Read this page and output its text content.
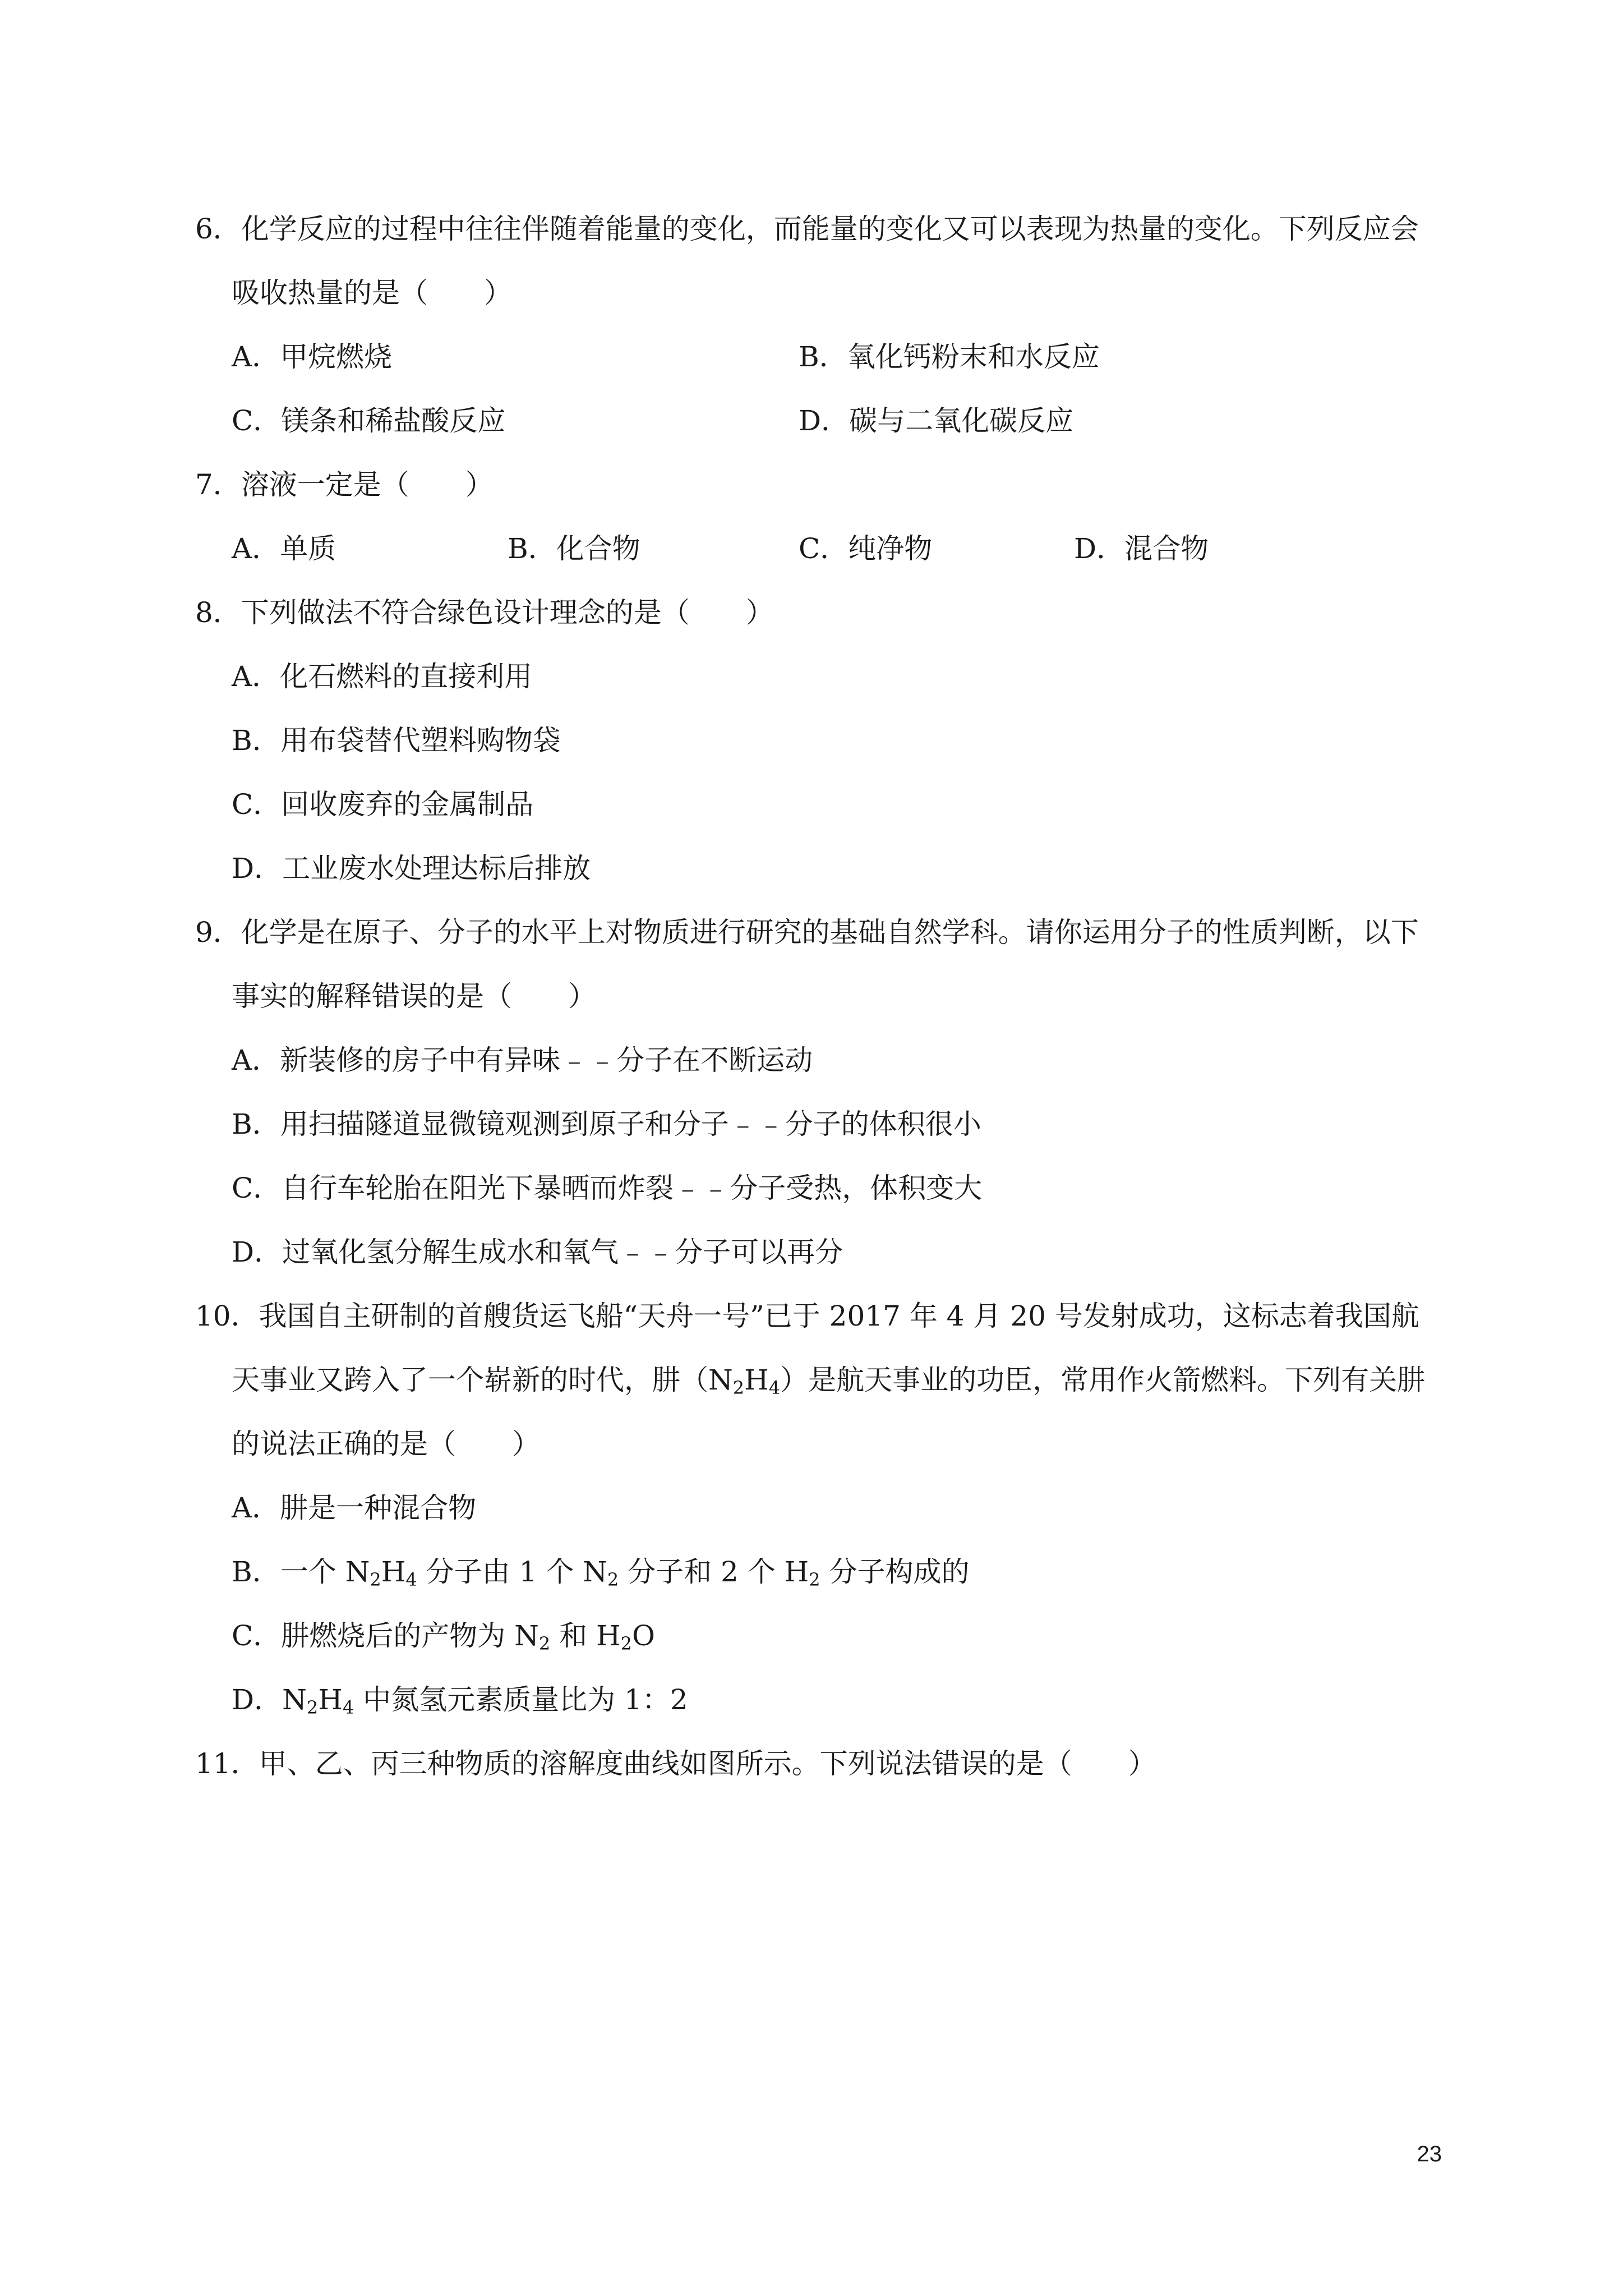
6．化学反应的过程中往往伴随着能量的变化，而能量的变化又可以表现为热量的变化。下列反应会
吸收热量的是（　　）
A．甲烷燃烧	B．氧化钙粉末和水反应
C．镁条和稀盐酸反应	D．碳与二氧化碳反应
7．溶液一定是（　　）
A．单质	B．化合物	C．纯净物	D．混合物
8．下列做法不符合绿色设计理念的是（　　）
A．化石燃料的直接利用
B．用布袋替代塑料购物袋
C．回收废弃的金属制品
D．工业废水处理达标后排放
9．化学是在原子、分子的水平上对物质进行研究的基础自然学科。请你运用分子的性质判断，以下
事实的解释错误的是（　　）
A．新装修的房子中有异味﹣﹣分子在不断运动
B．用扫描隧道显微镜观测到原子和分子﹣﹣分子的体积很小
C．自行车轮胎在阳光下暴晒而炸裂﹣﹣分子受热，体积变大
D．过氧化氢分解生成水和氧气﹣﹣分子可以再分
10．我国自主研制的首艘货运飞船“天舟一号”已于 2017 年 4 月 20 号发射成功，这标志着我国航
天事业又跨入了一个崭新的时代，肼$(N_2H_4)$是航天事业的功臣，常用作火箭燃料。下列有关肼
的说法正确的是（　　）
A．肼是一种混合物
B．一个 $N_2H_4$ 分子由 1 个 $N_2$ 分子和 2 个 $H_2$ 分子构成的
C．肼燃烧后的产物为 $N_2$ 和 $H_2O$
D．$N_2H_4$ 中氮氢元素质量比为 1：2
11．甲、乙、丙三种物质的溶解度曲线如图所示。下列说法错误的是（　　）
23
